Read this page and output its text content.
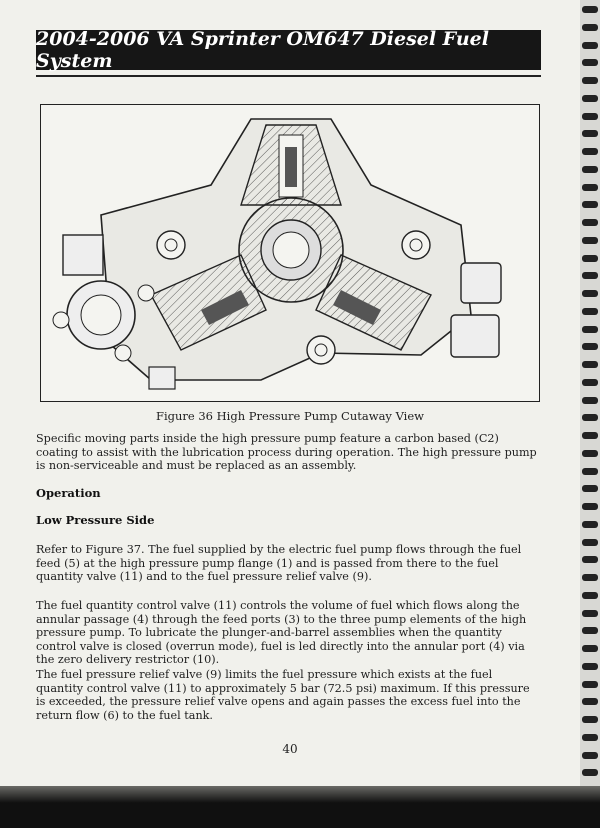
2004-2006 VA Sprinter OM647 Diesel Fuel System
Figure 36 High Pressure Pump Cutaway View

Specific moving parts inside the high pressure pump feature a carbon based (C2) coating to assist with the lubrication process during operation. The high pressure pump is non-serviceable and must be replaced as an assembly.

Operation

Low Pressure Side

Refer to Figure 37. The fuel supplied by the electric fuel pump flows through the fuel feed (5) at the high pressure pump flange (1) and is passed from there to the fuel quantity valve (11) and to the fuel pressure relief valve (9).

The fuel quantity control valve (11) controls the volume of fuel which flows along the annular passage (4) through the feed ports (3) to the three pump elements of the high pressure pump. To lubricate the plunger-and-barrel assemblies when the quantity control valve is closed (overrun mode), fuel is led directly into the annular port (4) via the zero delivery restrictor (10).

The fuel pressure relief valve (9) limits the fuel pressure which exists at the fuel quantity control valve (11) to approximately 5 bar (72.5 psi) maximum. If this pressure is exceeded, the pressure relief valve opens and again passes the excess fuel into the return flow (6) to the fuel tank.

40
